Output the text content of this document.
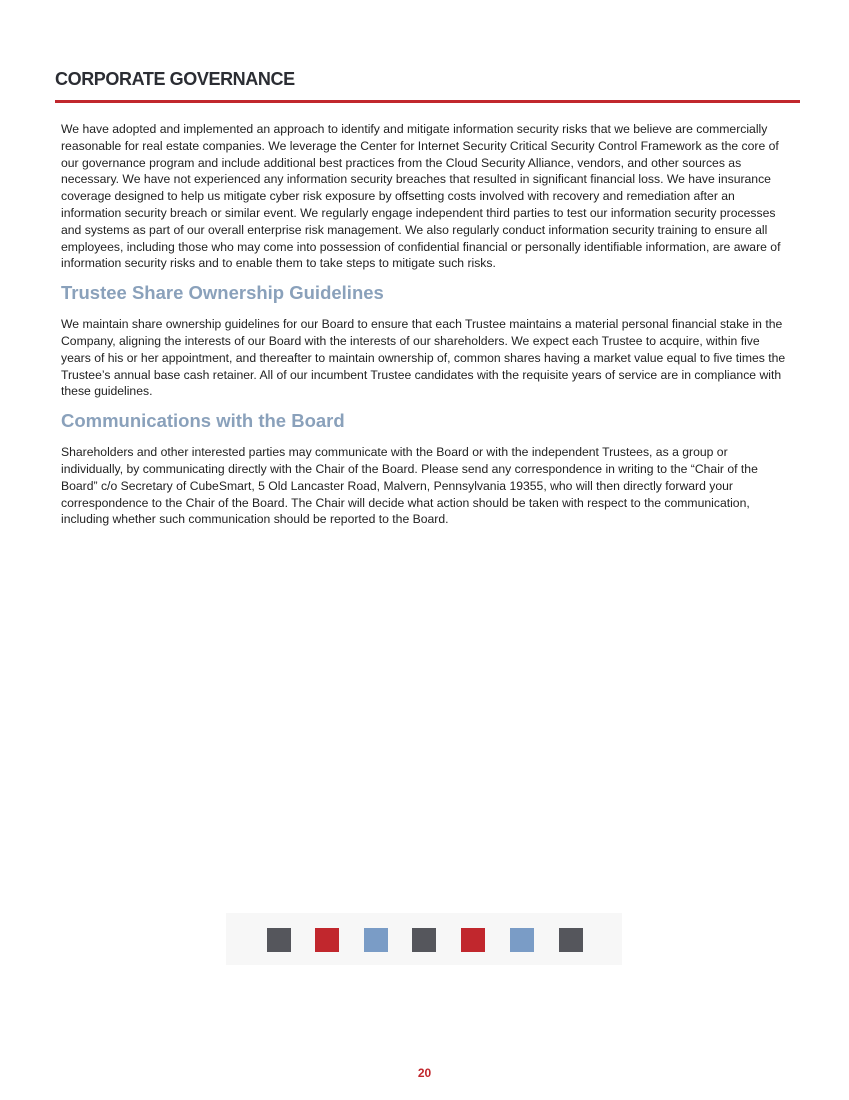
CORPORATE GOVERNANCE

We have adopted and implemented an approach to identify and mitigate information security risks that we believe are commercially reasonable for real estate companies. We leverage the Center for Internet Security Critical Security Control Framework as the core of our governance program and include additional best practices from the Cloud Security Alliance, vendors, and other sources as necessary. We have not experienced any information security breaches that resulted in significant financial loss. We have insurance coverage designed to help us mitigate cyber risk exposure by offsetting costs involved with recovery and remediation after an information security breach or similar event. We regularly engage independent third parties to test our information security processes and systems as part of our overall enterprise risk management. We also regularly conduct information security training to ensure all employees, including those who may come into possession of confidential financial or personally identifiable information, are aware of information security risks and to enable them to take steps to mitigate such risks.

Trustee Share Ownership Guidelines

We maintain share ownership guidelines for our Board to ensure that each Trustee maintains a material personal financial stake in the Company, aligning the interests of our Board with the interests of our shareholders. We expect each Trustee to acquire, within five years of his or her appointment, and thereafter to maintain ownership of, common shares having a market value equal to five times the Trustee’s annual base cash retainer. All of our incumbent Trustee candidates with the requisite years of service are in compliance with these guidelines.

Communications with the Board

Shareholders and other interested parties may communicate with the Board or with the independent Trustees, as a group or individually, by communicating directly with the Chair of the Board. Please send any correspondence in writing to the “Chair of the Board” c/o Secretary of CubeSmart, 5 Old Lancaster Road, Malvern, Pennsylvania 19355, who will then directly forward your correspondence to the Chair of the Board. The Chair will decide what action should be taken with respect to the communication, including whether such communication should be reported to the Board.

20
